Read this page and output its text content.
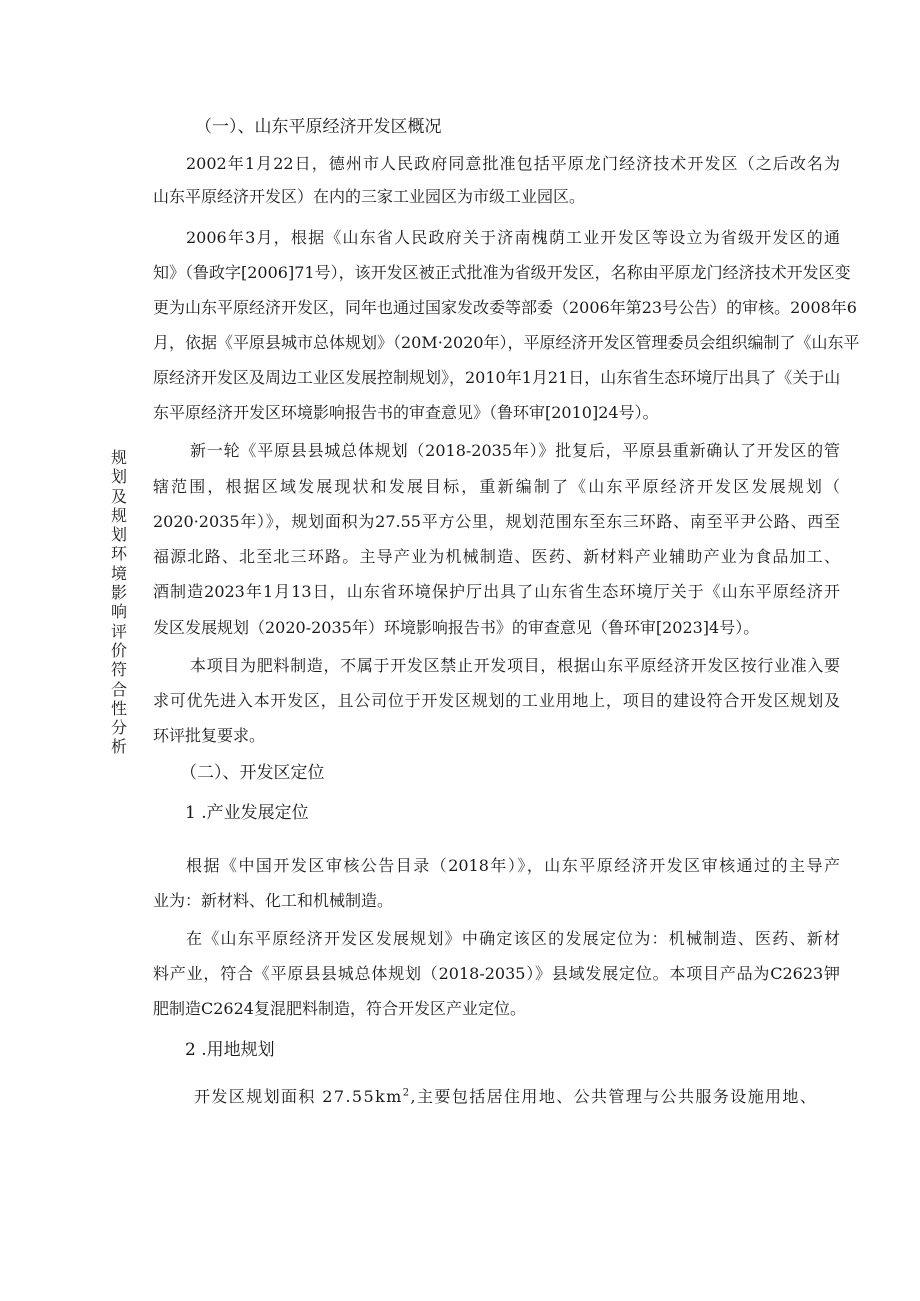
规划及规划环境影响评价符合性分析
（一）、山东平原经济开发区概况
2002年1月22日，德州市人民政府同意批准包括平原龙门经济技术开发区（之后改名为
山东平原经济开发区）在内的三家工业园区为市级工业园区。
2006年3月，根据《山东省人民政府关于济南槐荫工业开发区等设立为省级开发区的通
知》（鲁政字[2006]71号），该开发区被正式批准为省级开发区，名称由平原龙门经济技术开发区变
更为山东平原经济开发区，同年也通过国家发改委等部委（2006年第23号公告）的审核。2008年6
月，依据《平原县城市总体规划》（20M·2020年），平原经济开发区管理委员会组织编制了《山东平
原经济开发区及周边工业区发展控制规划》，2010年1月21日，山东省生态环境厅出具了《关于山
东平原经济开发区环境影响报告书的审查意见》（鲁环审[2010]24号）。
新一轮《平原县县城总体规划（2018-2035年）》批复后，平原县重新确认了开发区的管
辖范围，根据区域发展现状和发展目标，重新编制了《山东平原经济开发区发展规划（
2020·2035年）》，规划面积为27.55平方公里，规划范围东至东三环路、南至平尹公路、西至
福源北路、北至北三环路。主导产业为机械制造、医药、新材料产业辅助产业为食品加工、
酒制造2023年1月13日，山东省环境保护厅出具了山东省生态环境厅关于《山东平原经济开
发区发展规划（2020-2035年）环境影响报告书》的审查意见（鲁环审[2023]4号）。
本项目为肥料制造，不属于开发区禁止开发项目，根据山东平原经济开发区按行业准入要
求可优先进入本开发区，且公司位于开发区规划的工业用地上，项目的建设符合开发区规划及
环评批复要求。
（二）、开发区定位
1 .产业发展定位
根据《中国开发区审核公告目录（2018年）》，山东平原经济开发区审核通过的主导产
业为：新材料、化工和机械制造。
在《山东平原经济开发区发展规划》中确定该区的发展定位为：机械制造、医药、新材
料产业，符合《平原县县城总体规划（2018-2035）》县域发展定位。本项目产品为C2623钾
肥制造C2624复混肥料制造，符合开发区产业定位。
2 .用地规划
开发区规划面积 $27.55km^2$,主要包括居住用地、公共管理与公共服务设施用地、
